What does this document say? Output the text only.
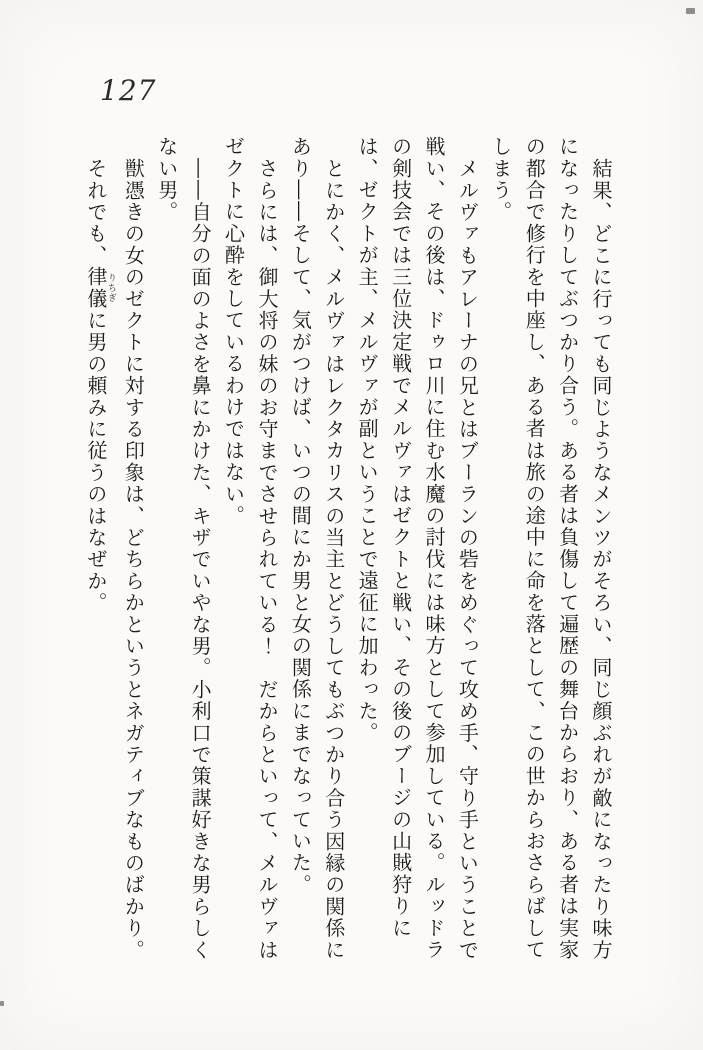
127

結果、どこに行っても同じようなメンツがそろい、同じ顔ぶれが敵になったり味方になったりしてぶつかり合う。ある者は負傷して遍歴の舞台からおり、ある者は実家の都合で修行を中座し、ある者は旅の途中に命を落として、この世からおさらばしてしまう。

メルヴァもアレーナの兄とはブーランの砦をめぐって攻め手、守り手ということで戦い、その後は、ドゥロ川に住む水魔の討伐には味方として参加している。ルッドラの剣技会では三位決定戦でメルヴァはゼクトと戦い、その後のブージの山賊狩りには、ゼクトが主、メルヴァが副ということで遠征に加わった。

とにかく、メルヴァはレクタカリスの当主とどうしてもぶつかり合う因縁の関係にあり――そして、気がつけば、いつの間にか男と女の関係にまでなっていた。

さらには、御大将の妹のお守までさせられている！　だからといって、メルヴァはゼクトに心酔をしているわけではない。

――自分の面のよさを鼻にかけた、キザでいやな男。小利口で策謀好きな男らしくない男。

獣憑きの女のゼクトに対する印象は、どちらかというとネガティブなものばかり。

それでも、律儀りちぎに男の頼みに従うのはなぜか。
